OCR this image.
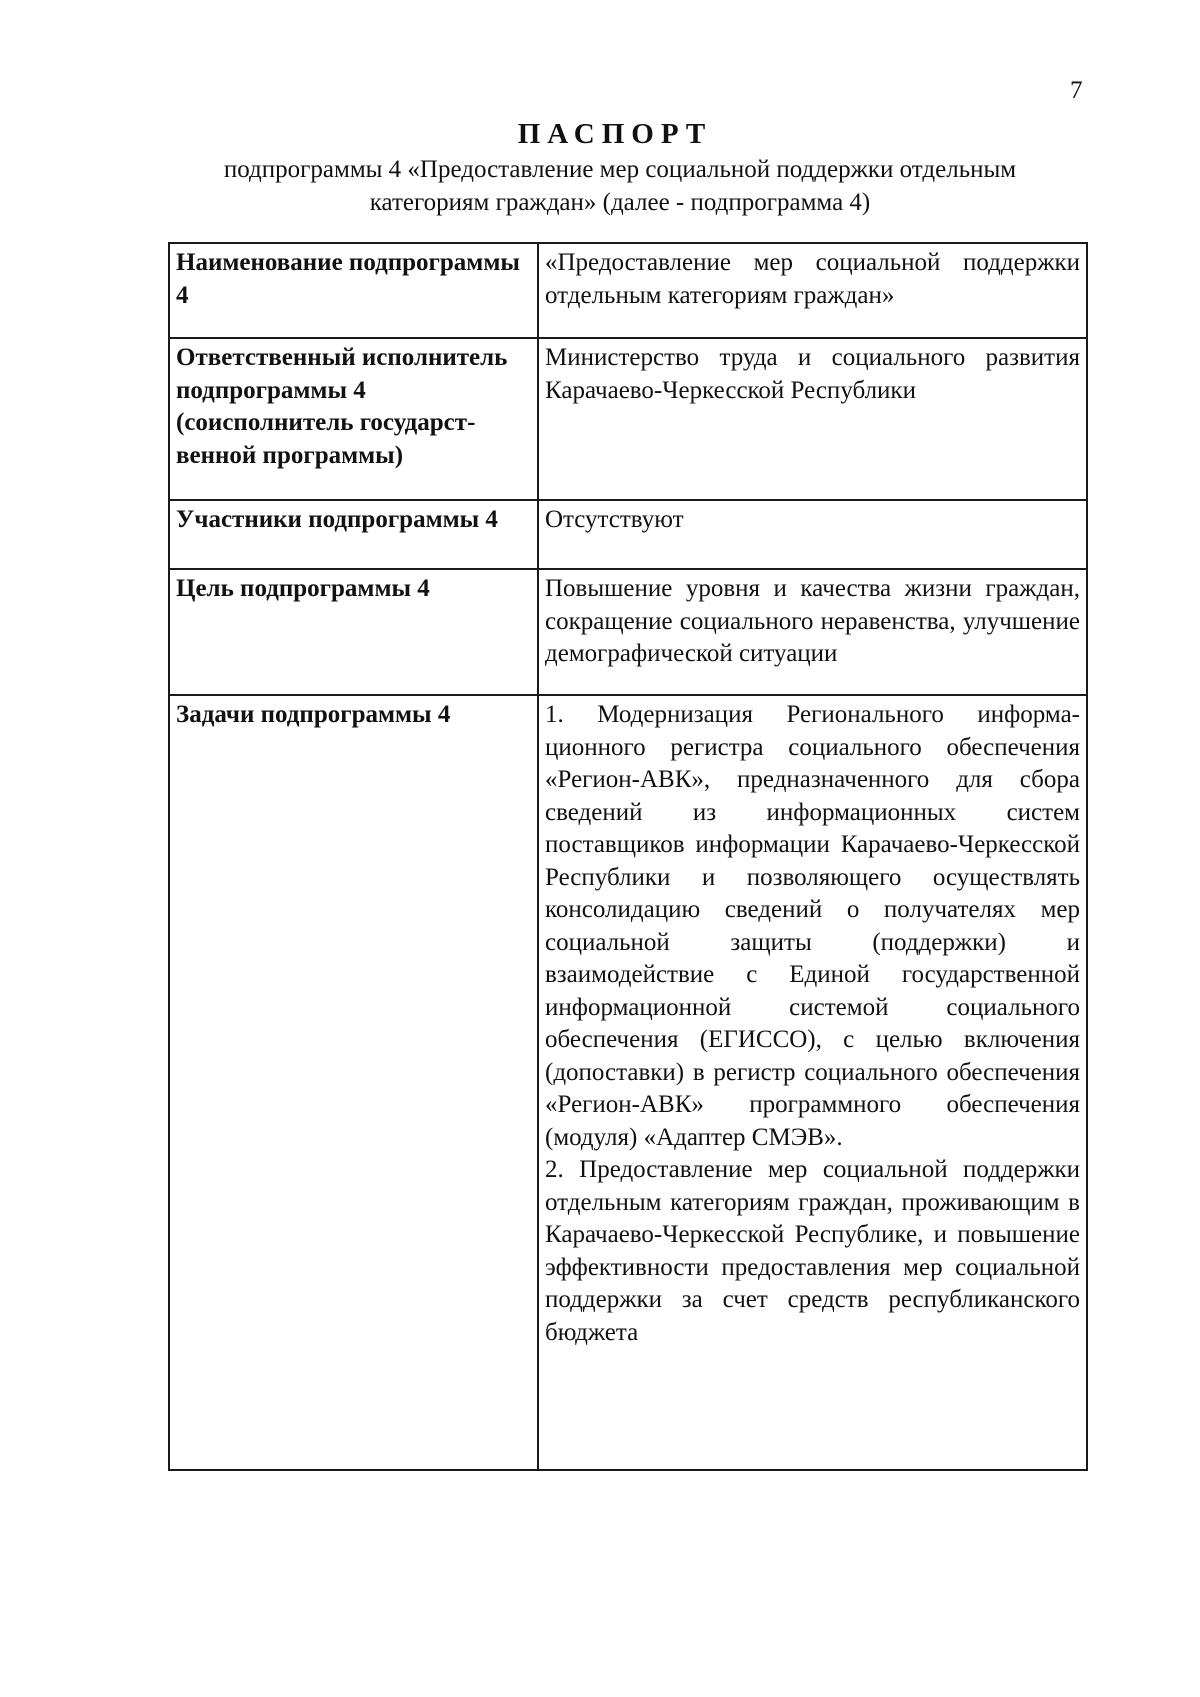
7
ПАСПОРТ
подпрограммы 4 «Предоставление мер социальной поддержки отдельным
категориям граждан» (далее - подпрограмма 4)
Наименование подпрограммы 4	«Предоставление мер социальной поддержки отдельным категориям граждан»
Ответственный исполнитель подпрограммы 4 (соисполнитель государственной программы)	Министерство труда и социального развития Карачаево-Черкесской Республики
Участники подпрограммы 4	Отсутствуют
Цель подпрограммы 4	Повышение уровня и качества жизни граждан, сокращение социального неравенства, улучшение демографической ситуации
Задачи подпрограммы 4	1. Модернизация Регионального информационного регистра социального обеспечения «Регион-АВК», предназначенного для сбора сведений из информационных систем поставщиков информации Карачаево-Черкесской Республики и позволяющего осуществлять консолидацию сведений о получателях мер социальной защиты (поддержки) и взаимодействие с Единой государственной информационной системой социального обеспечения (ЕГИССО), с целью включения (допоставки) в регистр социального обеспечения «Регион-АВК» программного обеспечения (модуля) «Адаптер СМЭВ».
2. Предоставление мер социальной поддержки отдельным категориям граждан, проживающим в Карачаево-Черкесской Республике, и повышение эффективности предоставления мер социальной поддержки за счет средств республиканского бюджета
